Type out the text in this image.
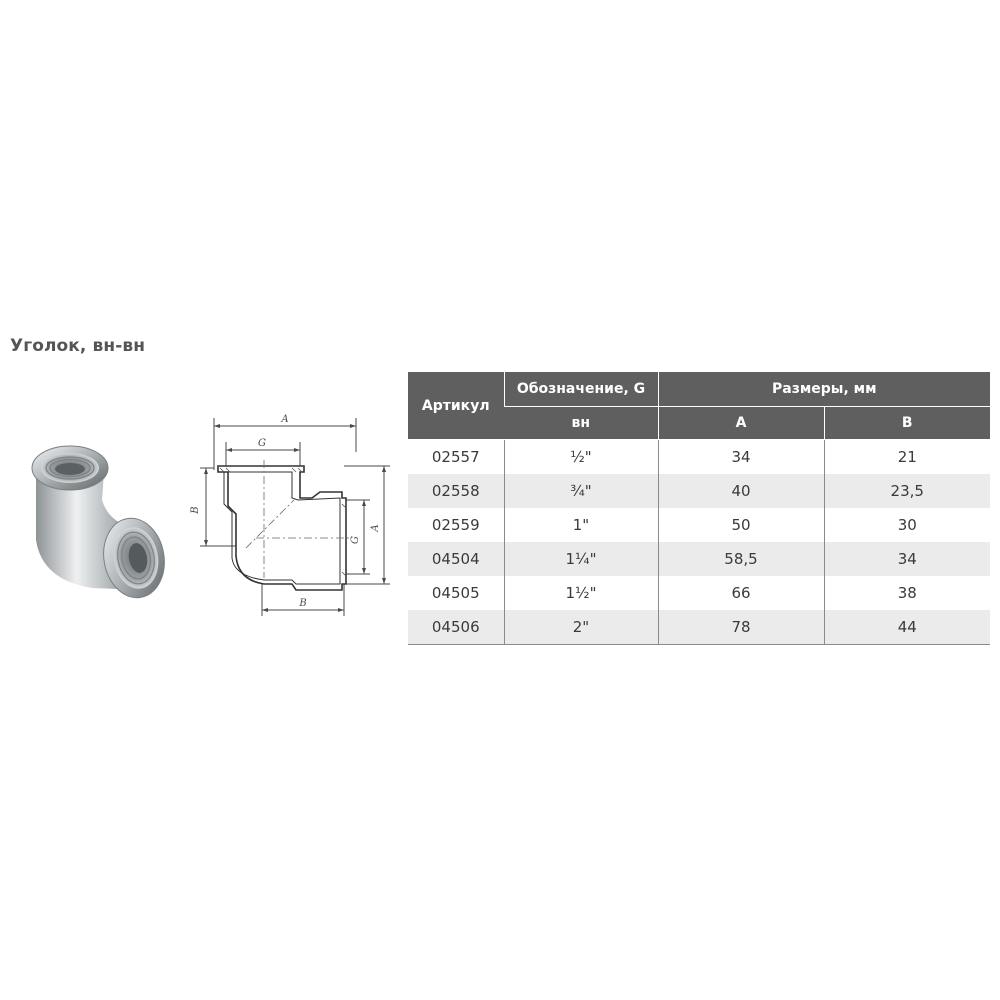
Уголок, вн-вн
A
G
B
A
G
B
Артикул	Обозначение, G	Размеры, мм	
	вн	A	B
02557	½"	34	21
02558	¾"	40	23,5
02559	1"	50	30
04504	1¼"	58,5	34
04505	1½"	66	38
04506	2"	78	44
